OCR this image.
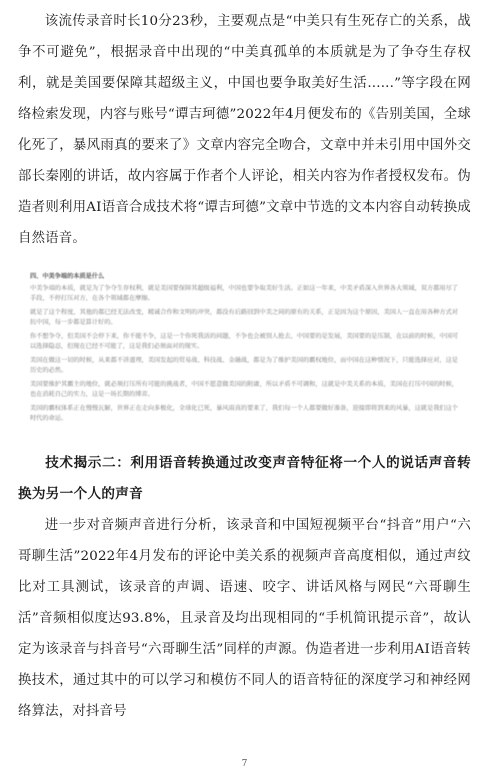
该流传录音时长10分23秒，主要观点是“中美只有生死存亡的关系，战争不可避免”，根据录音中出现的“中美真孤单的本质就是为了争夺生存权利，就是美国要保障其超级主义，中国也要争取美好生活......”等字段在网络检索发现，内容与账号“谭吉珂德”2022年4月便发布的《告别美国，全球化死了，暴风雨真的要来了》文章内容完全吻合，文章中并未引用中国外交部长秦刚的讲话，故内容属于作者个人评论，相关内容为作者授权发布。伪造者则利用AI语音合成技术将“谭吉珂德”文章中节选的文本内容自动转换成自然语音。

四、中美争端的本质是什么

中美争端的本质，就是为了争夺生存权利，就是美国要保障其超级福利，中国也要争取美好生活。正如这一年来，中美矛盾深入世界各大领域，双方都用尽了手段，不停打压对方，在各个领域都在摩擦。

就是了这个程度，其他的都已经无法改变，精诚合作和文明的冲突，都没有后路回到中美之间的原有的关系，正是因为这个原因，美国人一直在用各种方式对抗中国，每一步都是算计好的。

你不想争夺，但美国不会停下来，你不能不争，这是一个你死我活的问题，不争也会被别人抢去，中国要的是发展，美国要的是压制，在以前的时候，中国可以选择隐忍，但现在已经不可能了，这是我们必须面对的现实。

美国在做这一切的时候，从来都不讲道理，美国发起的贸易战、科技战、金融战，都是为了维护美国的霸权地位，而中国在这种情况下，只能选择应对，这是历史的必然。

美国要维护其霸主的地位，就必须打压所有可能的挑战者，中国不愿意做美国的附庸，所以矛盾不可调和，这就是中美关系的本质，美国在打压中国的时候，也在消耗自己的实力，这是一场长期的博弈。

美国的霸权体系正在慢慢瓦解，世界正在走向多极化，全球化已死，暴风雨真的要来了，我们每一个人都要做好准备，迎接即将到来的风暴，这就是我们这个时代的命运。

技术揭示二：利用语音转换通过改变声音特征将一个人的说话声音转换为另一个人的声音

进一步对音频声音进行分析，该录音和中国短视频平台“抖音”用户“六哥聊生活”2022年4月发布的评论中美关系的视频声音高度相似，通过声纹比对工具测试，该录音的声调、语速、咬字、讲话风格与网民“六哥聊生活”音频相似度达93.8%，且录音及均出现相同的“手机简讯提示音”，故认定为该录音与抖音号“六哥聊生活”同样的声源。伪造者进一步利用AI语音转换技术，通过其中的可以学习和模仿不同人的语音特征的深度学习和神经网络算法，对抖音号

7
